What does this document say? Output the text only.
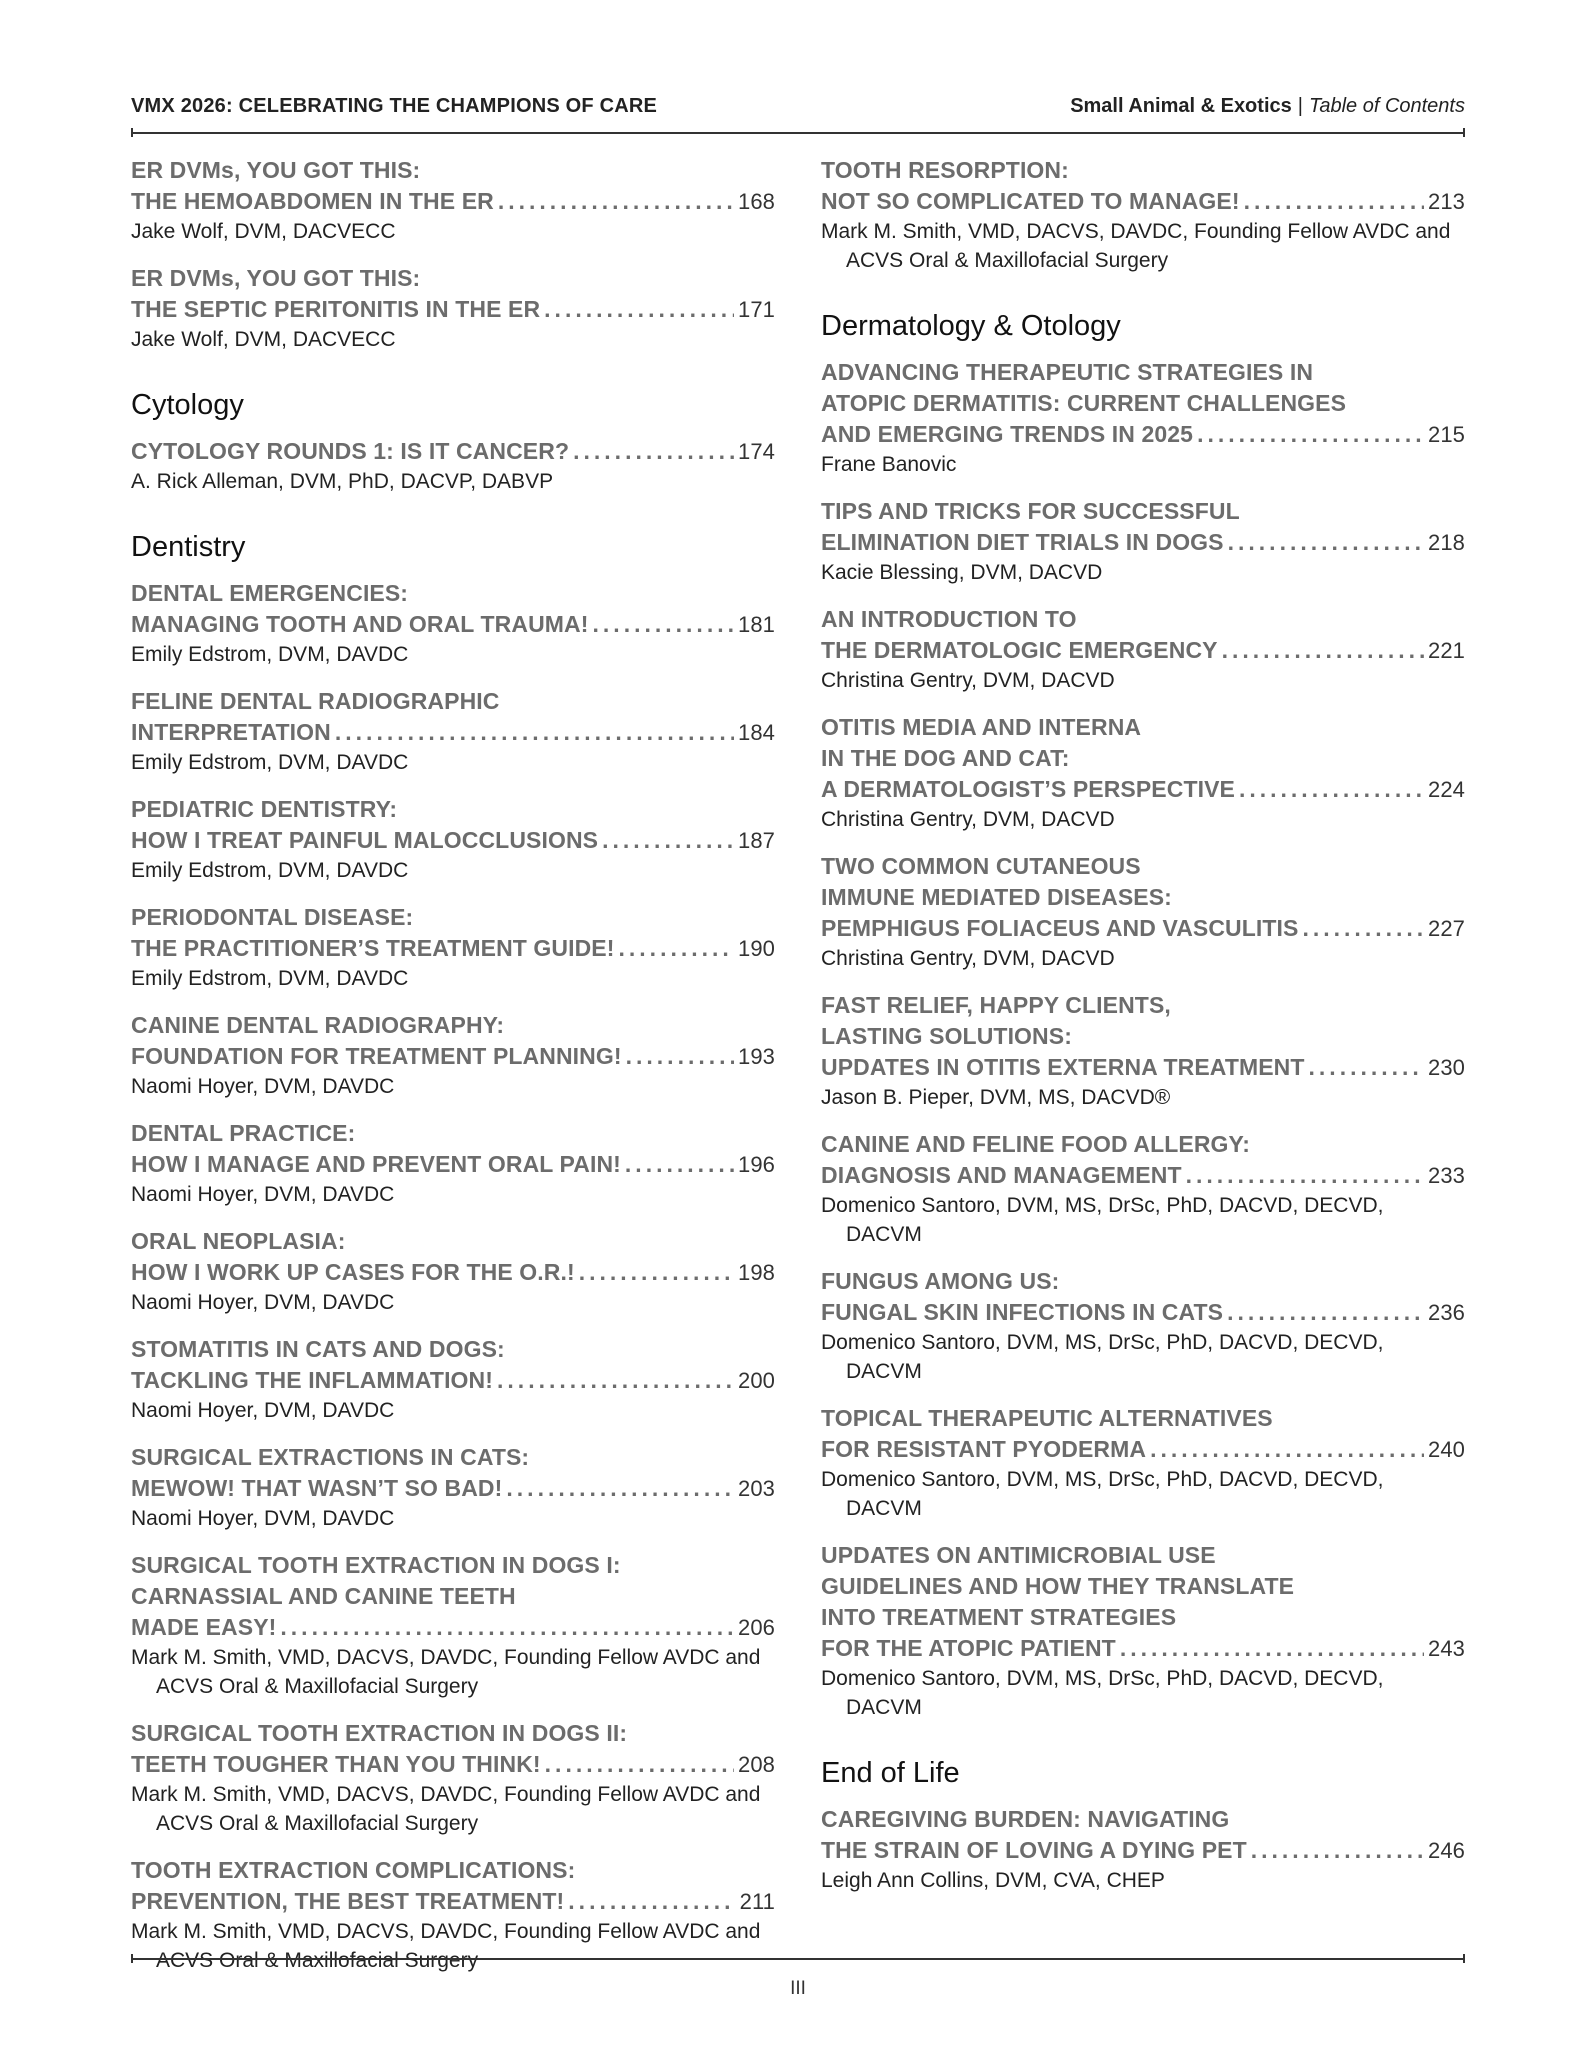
VMX 2026: CELEBRATING THE CHAMPIONS OF CARE	Small Animal & Exotics | Table of Contents
ER DVMs, YOU GOT THIS:
THE HEMOABDOMEN IN THE ER .....	168
Jake Wolf, DVM, DACVECC
ER DVMs, YOU GOT THIS:
THE SEPTIC PERITONITIS IN THE ER .....	171
Jake Wolf, DVM, DACVECC
Cytology
CYTOLOGY ROUNDS 1: IS IT CANCER? .....	174
A. Rick Alleman, DVM, PhD, DACVP, DABVP
Dentistry
DENTAL EMERGENCIES:
MANAGING TOOTH AND ORAL TRAUMA! .....	181
Emily Edstrom, DVM, DAVDC
FELINE DENTAL RADIOGRAPHIC
INTERPRETATION .....	184
Emily Edstrom, DVM, DAVDC
PEDIATRIC DENTISTRY:
HOW I TREAT PAINFUL MALOCCLUSIONS .....	187
Emily Edstrom, DVM, DAVDC
PERIODONTAL DISEASE:
THE PRACTITIONER’S TREATMENT GUIDE! .....	190
Emily Edstrom, DVM, DAVDC
CANINE DENTAL RADIOGRAPHY:
FOUNDATION FOR TREATMENT PLANNING! .....	193
Naomi Hoyer, DVM, DAVDC
DENTAL PRACTICE:
HOW I MANAGE AND PREVENT ORAL PAIN! .....	196
Naomi Hoyer, DVM, DAVDC
ORAL NEOPLASIA:
HOW I WORK UP CASES FOR THE O.R.! .....	198
Naomi Hoyer, DVM, DAVDC
STOMATITIS IN CATS AND DOGS:
TACKLING THE INFLAMMATION! .....	200
Naomi Hoyer, DVM, DAVDC
SURGICAL EXTRACTIONS IN CATS:
MEWOW! THAT WASN’T SO BAD! .....	203
Naomi Hoyer, DVM, DAVDC
SURGICAL TOOTH EXTRACTION IN DOGS I:
CARNASSIAL AND CANINE TEETH
MADE EASY! .....	206
Mark M. Smith, VMD, DACVS, DAVDC, Founding Fellow AVDC and ACVS Oral & Maxillofacial Surgery
SURGICAL TOOTH EXTRACTION IN DOGS II:
TEETH TOUGHER THAN YOU THINK! .....	208
Mark M. Smith, VMD, DACVS, DAVDC, Founding Fellow AVDC and ACVS Oral & Maxillofacial Surgery
TOOTH EXTRACTION COMPLICATIONS:
PREVENTION, THE BEST TREATMENT! .....	211
Mark M. Smith, VMD, DACVS, DAVDC, Founding Fellow AVDC and ACVS Oral & Maxillofacial Surgery
TOOTH RESORPTION:
NOT SO COMPLICATED TO MANAGE! .....	213
Mark M. Smith, VMD, DACVS, DAVDC, Founding Fellow AVDC and ACVS Oral & Maxillofacial Surgery
Dermatology & Otology
ADVANCING THERAPEUTIC STRATEGIES IN
ATOPIC DERMATITIS: CURRENT CHALLENGES
AND EMERGING TRENDS IN 2025 .....	215
Frane Banovic
TIPS AND TRICKS FOR SUCCESSFUL
ELIMINATION DIET TRIALS IN DOGS .....	218
Kacie Blessing, DVM, DACVD
AN INTRODUCTION TO
THE DERMATOLOGIC EMERGENCY .....	221
Christina Gentry, DVM, DACVD
OTITIS MEDIA AND INTERNA
IN THE DOG AND CAT:
A DERMATOLOGIST’S PERSPECTIVE .....	224
Christina Gentry, DVM, DACVD
TWO COMMON CUTANEOUS
IMMUNE MEDIATED DISEASES:
PEMPHIGUS FOLIACEUS AND VASCULITIS .....	227
Christina Gentry, DVM, DACVD
FAST RELIEF, HAPPY CLIENTS,
LASTING SOLUTIONS:
UPDATES IN OTITIS EXTERNA TREATMENT .....	230
Jason B. Pieper, DVM, MS, DACVD®
CANINE AND FELINE FOOD ALLERGY:
DIAGNOSIS AND MANAGEMENT .....	233
Domenico Santoro, DVM, MS, DrSc, PhD, DACVD, DECVD, DACVM
FUNGUS AMONG US:
FUNGAL SKIN INFECTIONS IN CATS .....	236
Domenico Santoro, DVM, MS, DrSc, PhD, DACVD, DECVD, DACVM
TOPICAL THERAPEUTIC ALTERNATIVES
FOR RESISTANT PYODERMA .....	240
Domenico Santoro, DVM, MS, DrSc, PhD, DACVD, DECVD, DACVM
UPDATES ON ANTIMICROBIAL USE
GUIDELINES AND HOW THEY TRANSLATE
INTO TREATMENT STRATEGIES
FOR THE ATOPIC PATIENT .....	243
Domenico Santoro, DVM, MS, DrSc, PhD, DACVD, DECVD, DACVM
End of Life
CAREGIVING BURDEN: NAVIGATING
THE STRAIN OF LOVING A DYING PET .....	246
Leigh Ann Collins, DVM, CVA, CHEP
III
